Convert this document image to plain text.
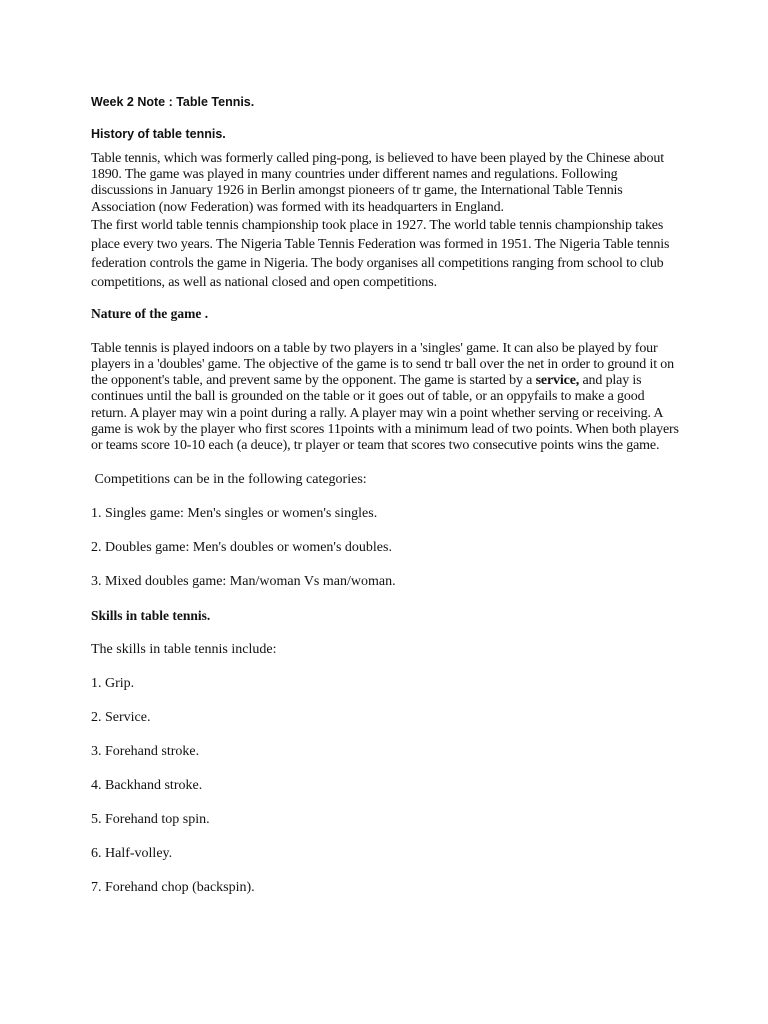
Week 2 Note : Table Tennis.

History of table tennis.

Table tennis, which was formerly called ping-pong, is believed to have been played by the Chinese about 1890. The game was played in many countries under different names and regulations. Following discussions in January 1926 in Berlin amongst pioneers of tr game, the International Table Tennis Association (now Federation) was formed with its headquarters in England.

The first world table tennis championship took place in 1927. The world table tennis championship takes place every two years. The Nigeria Table Tennis Federation was formed in 1951. The Nigeria Table tennis federation controls the game in Nigeria. The body organises all competitions ranging from school to club competitions, as well as national closed and open competitions.

Nature of the game .

Table tennis is played indoors on a table by two players in a 'singles' game. It can also be played by four players in a 'doubles' game. The objective of the game is to send tr ball over the net in order to ground it on the opponent's table, and prevent same by the opponent. The game is started by a service, and play is continues until the ball is grounded on the table or it goes out of table, or an oppyfails to make a good return. A player may win a point during a rally. A player may win a point whether serving or receiving. A game is wok by the player who first scores 11points with a minimum lead of two points. When both players or teams score 10-10 each (a deuce), tr player or team that scores two consecutive points wins the game.

Competitions can be in the following categories:

1. Singles game: Men's singles or women's singles.

2. Doubles game: Men's doubles or women's doubles.

3. Mixed doubles game: Man/woman Vs man/woman.

Skills in table tennis.

The skills in table tennis include:

1. Grip.

2. Service.

3. Forehand stroke.

4. Backhand stroke.

5. Forehand top spin.

6. Half-volley.

7. Forehand chop (backspin).
